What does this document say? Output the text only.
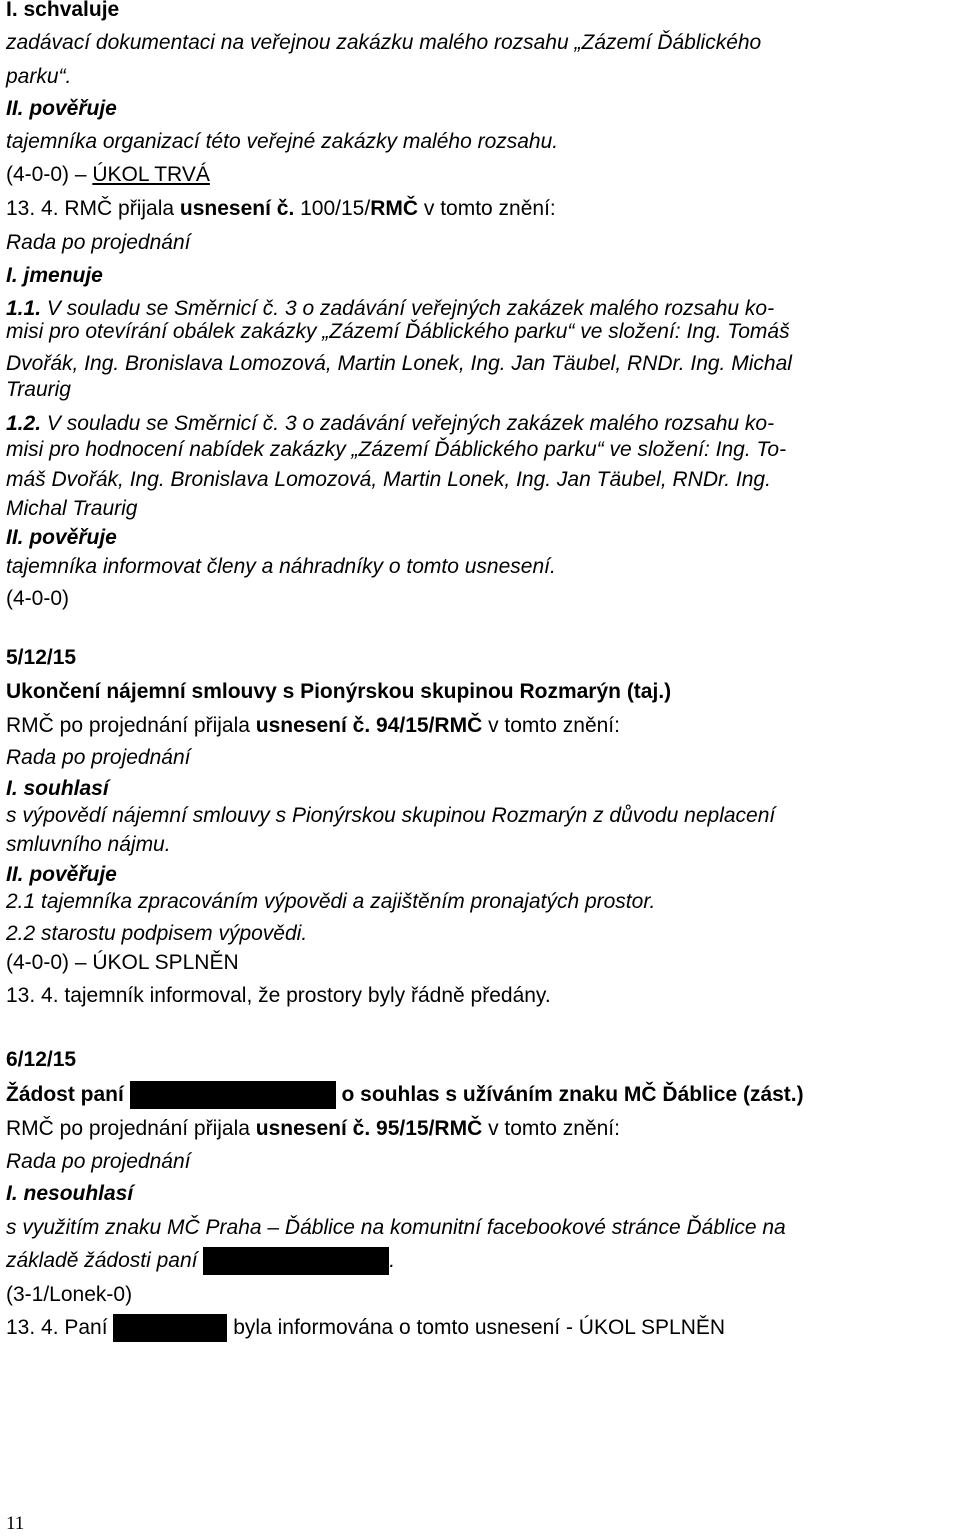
I. schvaluje
zadávací dokumentaci na veřejnou zakázku malého rozsahu „Zázemí Ďáblického
parku“.
II. pověřuje
tajemníka organizací této veřejné zakázky malého rozsahu.
(4-0-0) – ÚKOL TRVÁ
13. 4. RMČ přijala usnesení č. 100/15/RMČ v tomto znění:
Rada po projednání
I. jmenuje
1.1. V souladu se Směrnicí č. 3 o zadávání veřejných zakázek malého rozsahu ko-
misi pro otevírání obálek zakázky „Zázemí Ďáblického parku“ ve složení: Ing. Tomáš
Dvořák, Ing. Bronislava Lomozová, Martin Lonek, Ing. Jan Täubel, RNDr. Ing. Michal
Traurig
1.2. V souladu se Směrnicí č. 3 o zadávání veřejných zakázek malého rozsahu ko-
misi pro hodnocení nabídek zakázky „Zázemí Ďáblického parku“ ve složení: Ing. To-
máš Dvořák, Ing. Bronislava Lomozová, Martin Lonek, Ing. Jan Täubel, RNDr. Ing.
Michal Traurig
II. pověřuje
tajemníka informovat členy a náhradníky o tomto usnesení.
(4-0-0)
5/12/15
Ukončení nájemní smlouvy s Pionýrskou skupinou Rozmarýn (taj.)
RMČ po projednání přijala usnesení č. 94/15/RMČ v tomto znění:
Rada po projednání
I. souhlasí
s výpovědí nájemní smlouvy s Pionýrskou skupinou Rozmarýn z důvodu neplacení
smluvního nájmu.
II. pověřuje
2.1 tajemníka zpracováním výpovědi a zajištěním pronajatých prostor.
2.2 starostu podpisem výpovědi.
(4-0-0) – ÚKOL SPLNĚN
13. 4. tajemník informoval, že prostory byly řádně předány.
6/12/15
Žádost paní	o souhlas s užíváním znaku MČ Ďáblice (zást.)
RMČ po projednání přijala usnesení č. 95/15/RMČ v tomto znění:
Rada po projednání
I. nesouhlasí
s využitím znaku MČ Praha – Ďáblice na komunitní facebookové stránce Ďáblice na
základě žádosti paní	.
(3-1/Lonek-0)
13. 4. Paní	byla informována o tomto usnesení - ÚKOL SPLNĚN
11
